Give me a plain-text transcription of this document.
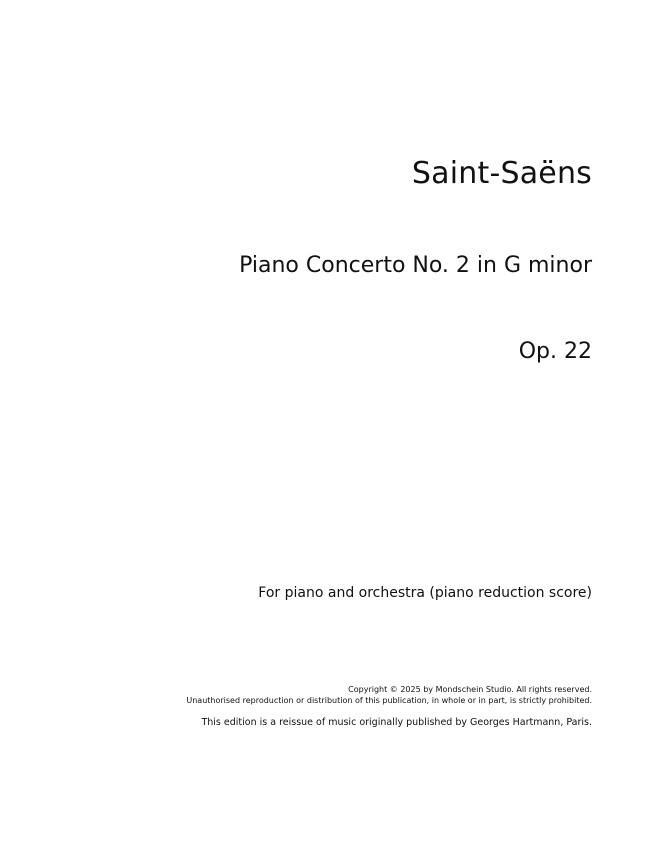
Saint-Saëns
Piano Concerto No. 2 in G minor
Op. 22
For piano and orchestra (piano reduction score)
Copyright © 2025 by Mondschein Studio. All rights reserved.
Unauthorised reproduction or distribution of this publication, in whole or in part, is strictly prohibited.
This edition is a reissue of music originally published by Georges Hartmann, Paris.
